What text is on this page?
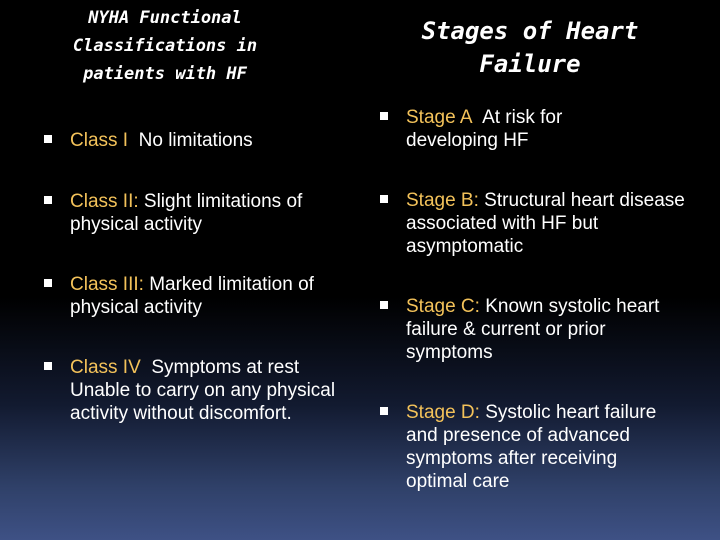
NYHA Functional
Classifications in
patients with HF
Stages of Heart
Failure
Class I No limitations
Class II: Slight limitations of physical activity
Class III: Marked limitation of physical activity
Class IV Symptoms at rest Unable to carry on any physical activity without discomfort.
Stage A At risk for developing HF
Stage B: Structural heart disease associated with HF but asymptomatic
Stage C: Known systolic heart failure & current or prior symptoms
Stage D: Systolic heart failure and presence of advanced symptoms after receiving optimal care
